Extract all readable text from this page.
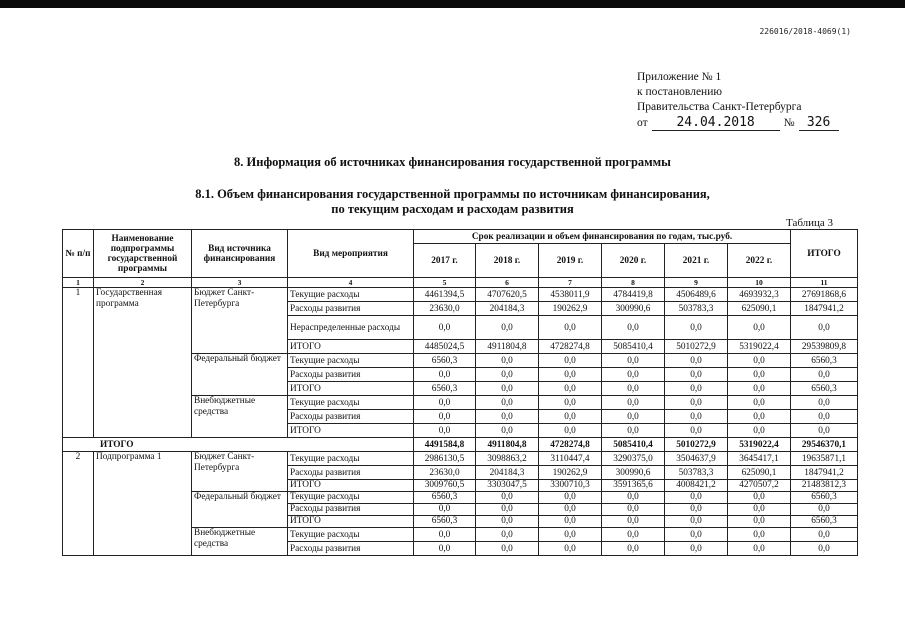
226016/2018-4069(1)
Приложение № 1
к постановлению
Правительства Санкт-Петербурга
от	24.04.2018	№ 326
8. Информация об источниках финансирования государственной программы
8.1. Объем финансирования государственной программы по источникам финансирования,
по текущим расходам и расходам развития
Таблица 3
№ п/п	Наименование подпрограммы государственной программы	Вид источника финансирования	Вид мероприятия	Срок реализации и объем финансирования по годам, тыс.руб.						ИТОГО
				2017 г.	2018 г.	2019 г.	2020 г.	2021 г.	2022 г.	
1	2	3	4	5	6	7	8	9	10	11
1	Государственная программа	Бюджет Санкт-Петербурга	Текущие расходы	4461394,5	4707620,5	4538011,9	4784419,8	4506489,6	4693932,3	27691868,6
			Расходы развития	23630,0	204184,3	190262,9	300990,6	503783,3	625090,1	1847941,2
			Нераспределенные расходы	0,0	0,0	0,0	0,0	0,0	0,0	0,0
			ИТОГО	4485024,5	4911804,8	4728274,8	5085410,4	5010272,9	5319022,4	29539809,8
		Федеральный бюджет	Текущие расходы	6560,3	0,0	0,0	0,0	0,0	0,0	6560,3
			Расходы развития	0,0	0,0	0,0	0,0	0,0	0,0	0,0
			ИТОГО	6560,3	0,0	0,0	0,0	0,0	0,0	6560,3
		Внебюджетные средства	Текущие расходы	0,0	0,0	0,0	0,0	0,0	0,0	0,0
			Расходы развития	0,0	0,0	0,0	0,0	0,0	0,0	0,0
			ИТОГО	0,0	0,0	0,0	0,0	0,0	0,0	0,0
ИТОГО				4491584,8	4911804,8	4728274,8	5085410,4	5010272,9	5319022,4	29546370,1
2	Подпрограмма 1	Бюджет Санкт-Петербурга	Текущие расходы	2986130,5	3098863,2	3110447,4	3290375,0	3504637,9	3645417,1	19635871,1
			Расходы развития	23630,0	204184,3	190262,9	300990,6	503783,3	625090,1	1847941,2
			ИТОГО	3009760,5	3303047,5	3300710,3	3591365,6	4008421,2	4270507,2	21483812,3
		Федеральный бюджет	Текущие расходы	6560,3	0,0	0,0	0,0	0,0	0,0	6560,3
			Расходы развития	0,0	0,0	0,0	0,0	0,0	0,0	0,0
			ИТОГО	6560,3	0,0	0,0	0,0	0,0	0,0	6560,3
		Внебюджетные средства	Текущие расходы	0,0	0,0	0,0	0,0	0,0	0,0	0,0
			Расходы развития	0,0	0,0	0,0	0,0	0,0	0,0	0,0
